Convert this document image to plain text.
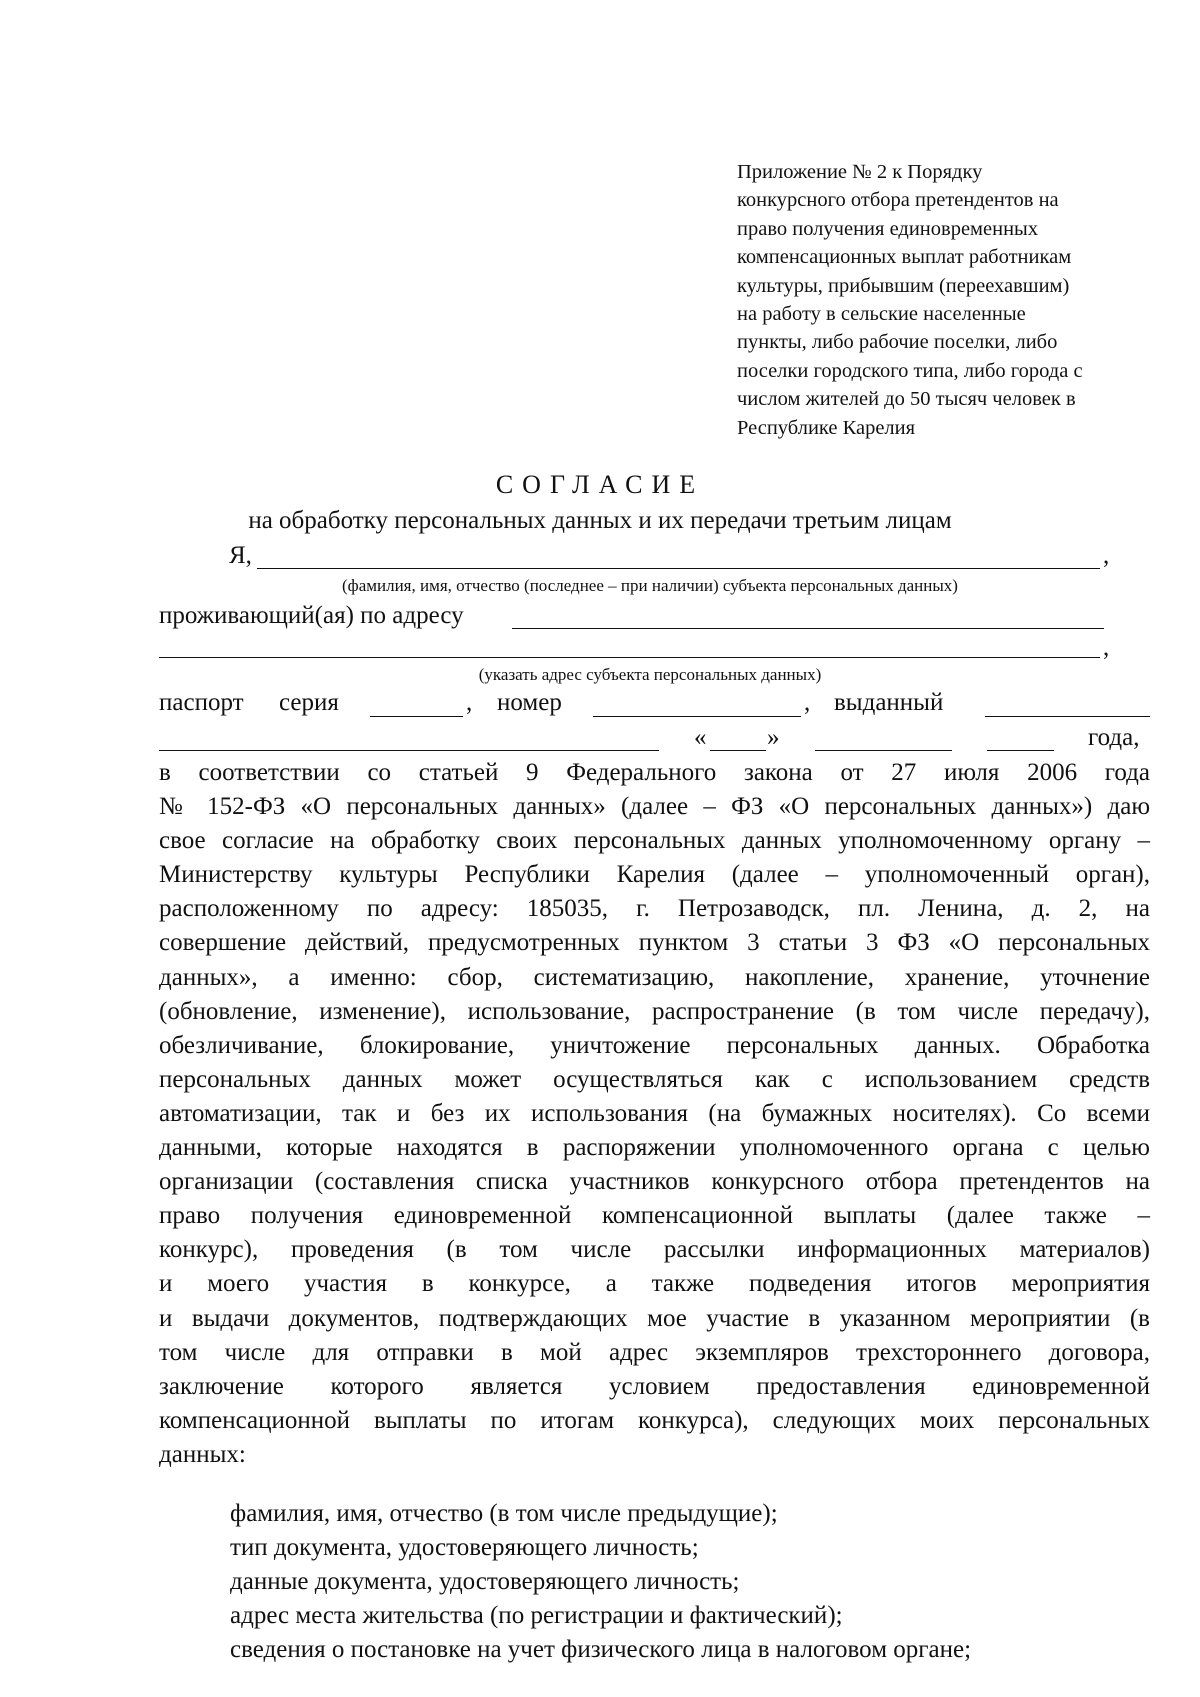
Приложение № 2 к Порядку
конкурсного отбора претендентов на
право получения единовременных
компенсационных выплат работникам
культуры, прибывшим (переехавшим)
на работу в сельские населенные
пункты, либо рабочие поселки, либо
поселки городского типа, либо города с
числом жителей до 50 тысяч человек в
Республике Карелия
СОГЛАСИЕ
на обработку персональных данных и их передачи третьим лицам
Я,	,
(фамилия, имя, отчество (последнее – при наличии) субъекта персональных данных)
проживающий(ая) по адресу
,
(указать адрес субъекта персональных данных)
паспорт серия	, номер	, выданный
« »	года,
в соответствии со статьей 9 Федерального закона от 27 июля 2006 года
№ 152-ФЗ «О персональных данных» (далее – ФЗ «О персональных данных») даю
свое согласие на обработку своих персональных данных уполномоченному органу –
Министерству культуры Республики Карелия (далее – уполномоченный орган),
расположенному по адресу: 185035, г. Петрозаводск, пл. Ленина, д. 2, на
совершение действий, предусмотренных пунктом 3 статьи 3 ФЗ «О персональных
данных», а именно: сбор, систематизацию, накопление, хранение, уточнение
(обновление, изменение), использование, распространение (в том числе передачу),
обезличивание, блокирование, уничтожение персональных данных. Обработка
персональных данных может осуществляться как с использованием средств
автоматизации, так и без их использования (на бумажных носителях). Со всеми
данными, которые находятся в распоряжении уполномоченного органа с целью
организации (составления списка участников конкурсного отбора претендентов на
право получения единовременной компенсационной выплаты (далее также –
конкурс), проведения (в том числе рассылки информационных материалов)
и моего участия в конкурсе, а также подведения итогов мероприятия
и выдачи документов, подтверждающих мое участие в указанном мероприятии (в
том числе для отправки в мой адрес экземпляров трехстороннего договора,
заключение которого является условием предоставления единовременной
компенсационной выплаты по итогам конкурса), следующих моих персональных
данных:
фамилия, имя, отчество (в том числе предыдущие);
тип документа, удостоверяющего личность;
данные документа, удостоверяющего личность;
адрес места жительства (по регистрации и фактический);
сведения о постановке на учет физического лица в налоговом органе;
